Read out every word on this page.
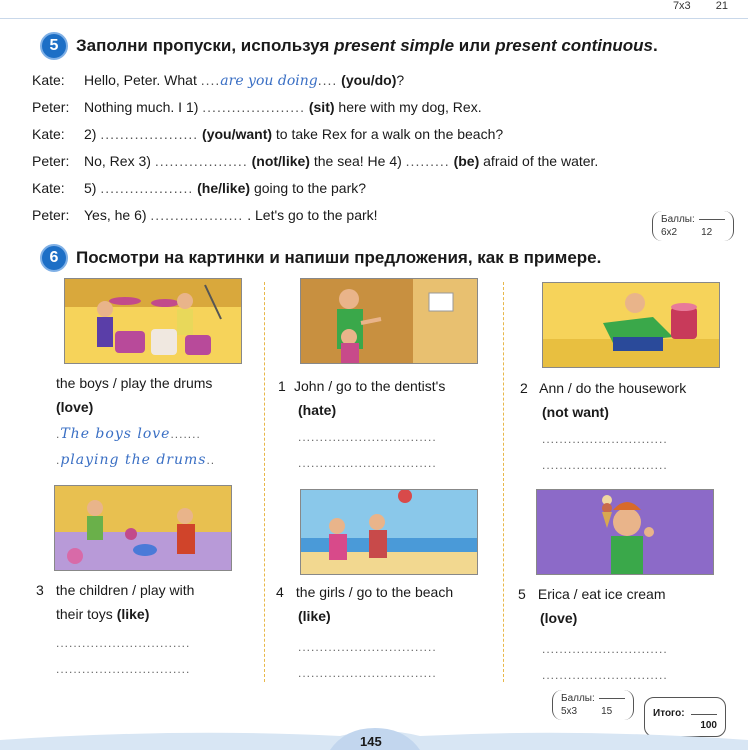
7x3 21
5	Заполни пропуски, используя present simple или present continuous.
Kate: Hello, Peter. What ....are you doing.... (you/do)?
Peter: Nothing much. I 1) ..................... (sit) here with my dog, Rex.
Kate: 2) .................... (you/want) to take Rex for a walk on the beach?
Peter: No, Rex 3) ................... (not/like) the sea! He 4) ......... (be) afraid of the water.
Kate: 5) ................... (he/like) going to the park?
Peter: Yes, he 6) ................... . Let's go to the park!	Баллы:
6x2 12
6	Посмотри на картинки и напиши предложения, как в примере.
the boys / play the drums
(love)
.The boys love.......
.playing the drums..
1 John / go to the dentist's
(hate)
................................
................................
2 Ann / do the housework
(not want)
.............................
.............................
3 the children / play with
their toys (like)
...............................
...............................
4 the girls / go to the beach
(like)
................................
................................
5 Erica / eat ice cream
(love)
.............................
.............................
Баллы:
5x3 15	Итого:
100
145
